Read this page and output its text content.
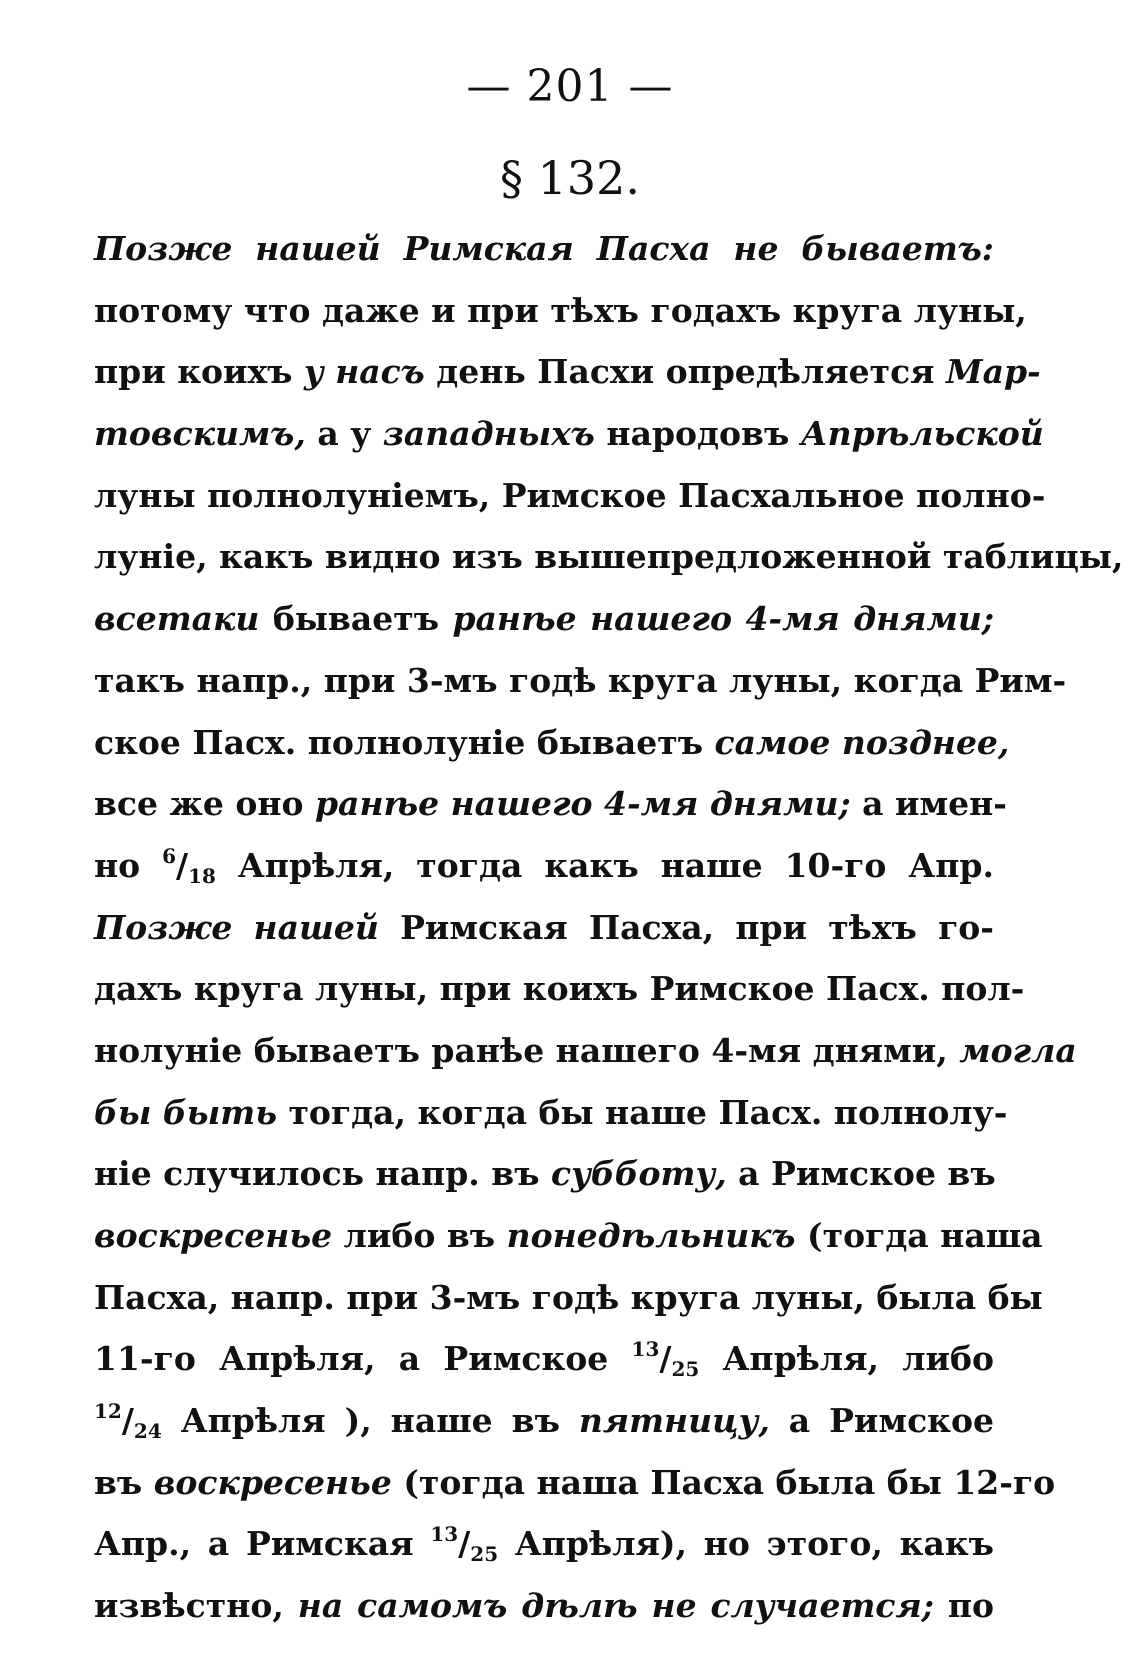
— 201 —
§ 132.
Позже нашей Римская Пасха не бываетъ:
потому что даже и при тѣхъ годахъ круга луны,
при коихъ у насъ день Пасхи опредѣляется Мар-
товскимъ, а у западныхъ народовъ Апрѣльской
луны полнолуніемъ, Римское Пасхальное полно-
луніе, какъ видно изъ вышепредложенной таблицы,
всетаки бываетъ ранѣе нашего 4-мя днями;
такъ напр., при 3-мъ годѣ круга луны, когда Рим-
ское Пасх. полнолуніе бываетъ самое позднее,
все же оно ранѣе нашего 4-мя днями; а имен-
но $^6/_{18}$ Апрѣля, тогда какъ наше 10-го Апр.
Позже нашей Римская Пасха, при тѣхъ го-
дахъ круга луны, при коихъ Римское Пасх. пол-
нолуніе бываетъ ранѣе нашего 4-мя днями, могла
бы быть тогда, когда бы наше Пасх. полнолу-
ніе случилось напр. въ субботу, а Римское въ
воскресенье либо въ понедѣльникъ (тогда наша
Пасха, напр. при 3-мъ годѣ круга луны, была бы
11-го Апрѣля, а Римское $^{13}/_{25}$ Апрѣля, либо
$^{12}/_{24}$ Апрѣля ), наше въ пятницу, а Римское
въ воскресенье (тогда наша Пасха была бы 12-го
Апр., а Римская $^{13}/_{25}$ Апрѣля), но этого, какъ
извѣстно, на самомъ дѣлѣ не случается; по
